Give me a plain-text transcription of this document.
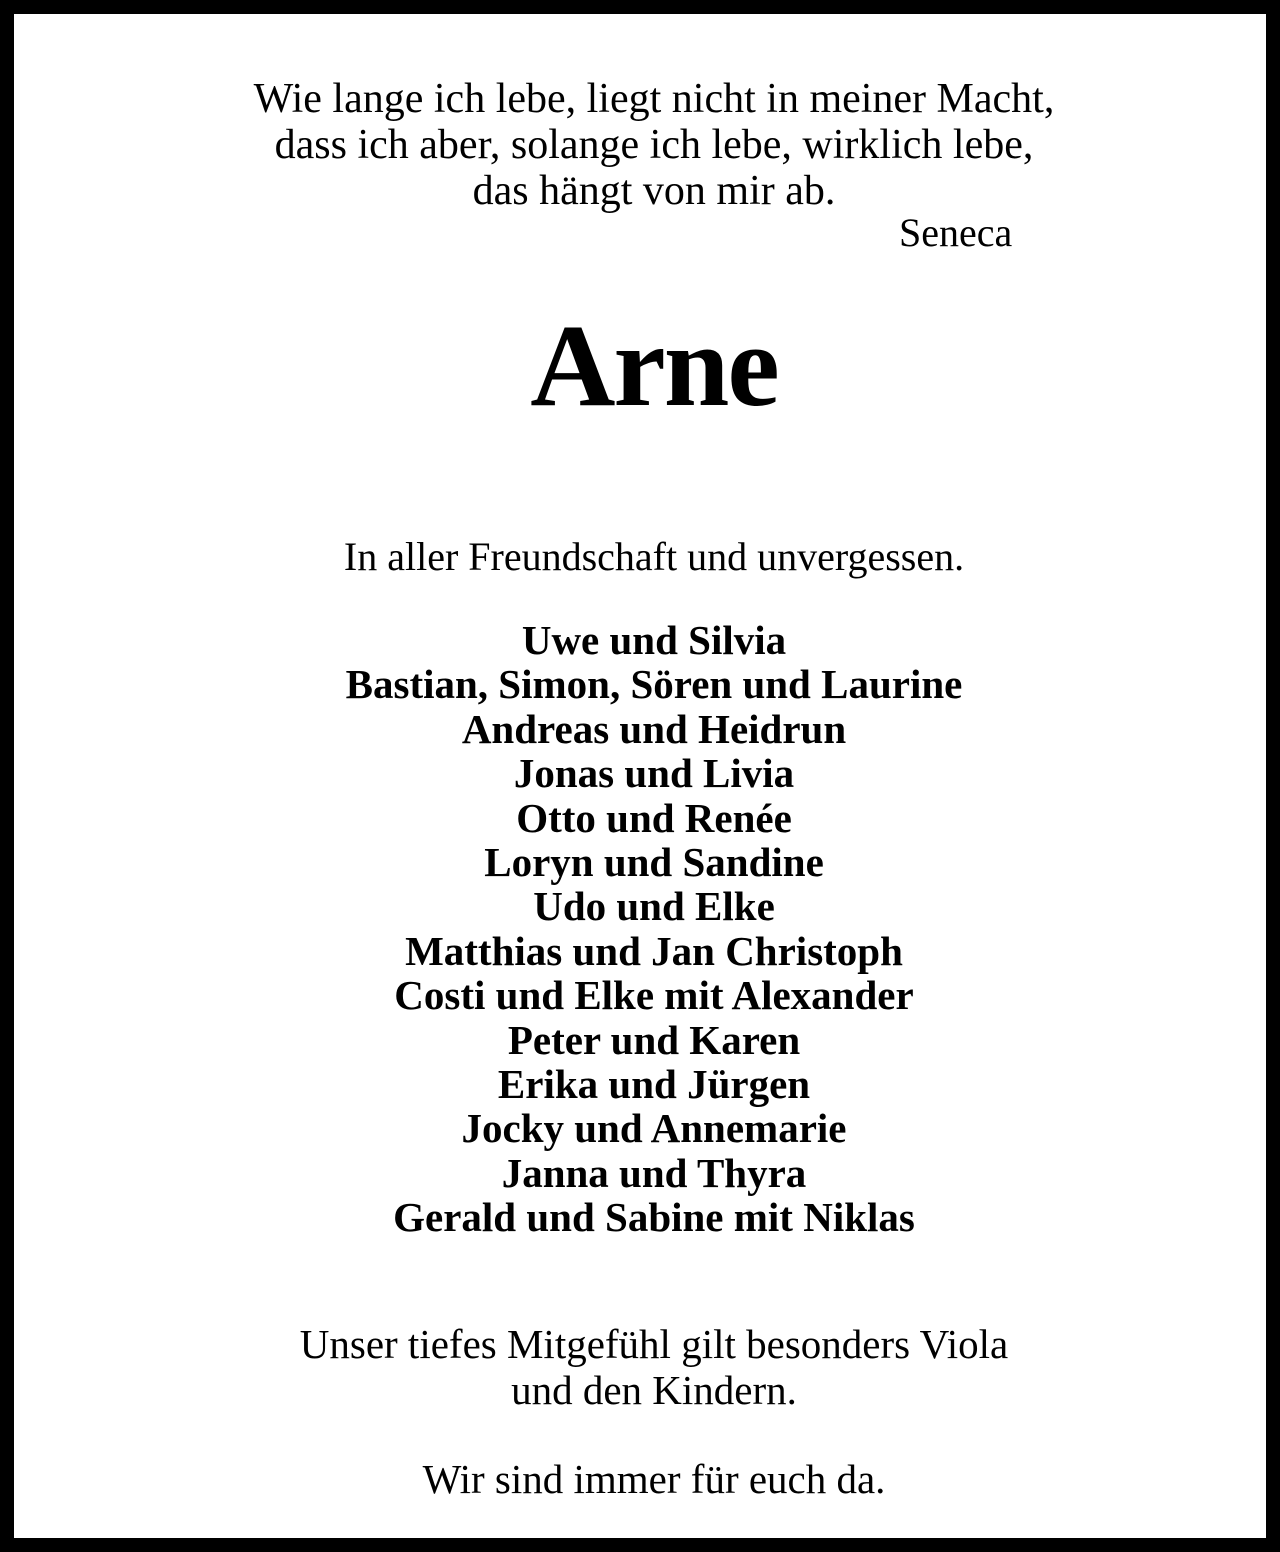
Wie lange ich lebe, liegt nicht in meiner Macht,
dass ich aber, solange ich lebe, wirklich lebe,
das hängt von mir ab.
Seneca
Arne
In aller Freundschaft und unvergessen.
Uwe und Silvia
Bastian, Simon, Sören und Laurine
Andreas und Heidrun
Jonas und Livia
Otto und Renée
Loryn und Sandine
Udo und Elke
Matthias und Jan Christoph
Costi und Elke mit Alexander
Peter und Karen
Erika und Jürgen
Jocky und Annemarie
Janna und Thyra
Gerald und Sabine mit Niklas
Unser tiefes Mitgefühl gilt besonders Viola
und den Kindern.
Wir sind immer für euch da.
